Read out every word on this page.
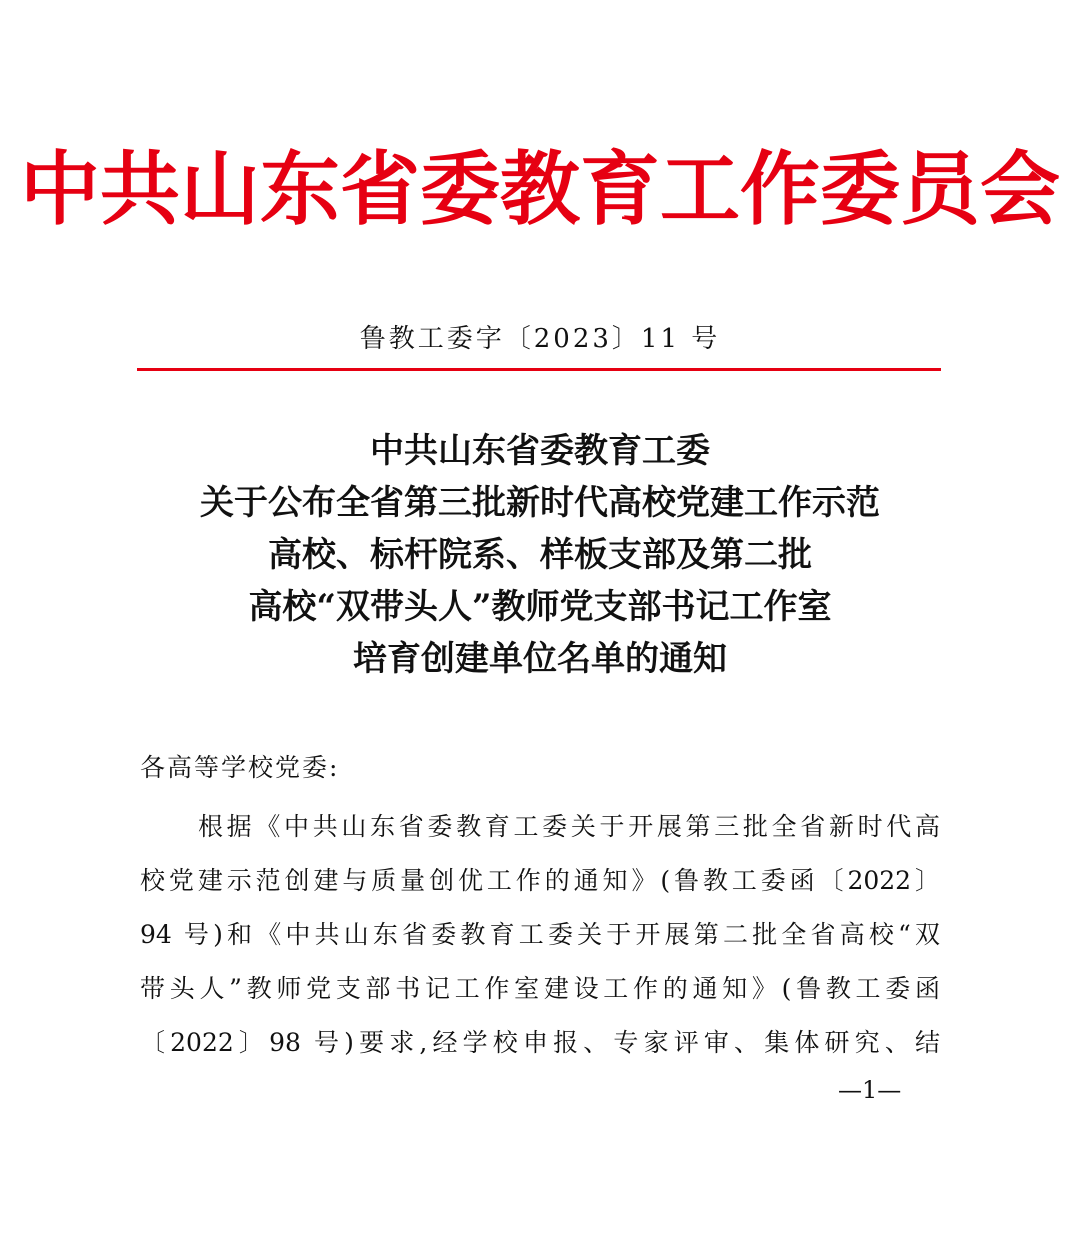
中共山东省委教育工作委员会
鲁教工委字〔2023〕11 号
中共山东省委教育工委
关于公布全省第三批新时代高校党建工作示范
高校、标杆院系、样板支部及第二批
高校“双带头人”教师党支部书记工作室
培育创建单位名单的通知
各高等学校党委:
根据《中共山东省委教育工委关于开展第三批全省新时代高
校党建示范创建与质量创优工作的通知》(鲁教工委函〔2022〕
94 号)和《中共山东省委教育工委关于开展第二批全省高校“双
带头人”教师党支部书记工作室建设工作的通知》(鲁教工委函
〔2022〕98 号)要求,经学校申报、专家评审、集体研究、结
—1—
